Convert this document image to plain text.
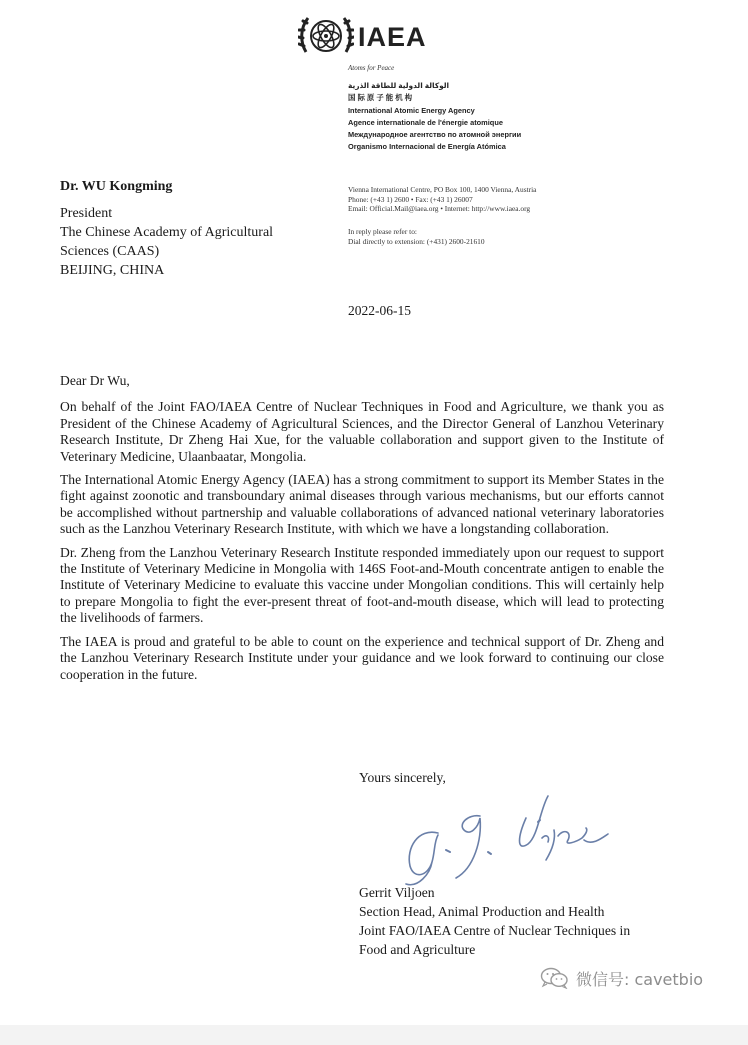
IAEA
Atoms for Peace
الوكالة الدولية للطاقة الذرية
国 际 原 子 能 机 构
International Atomic Energy Agency
Agence internationale de l'énergie atomique
Международное агентство по атомной энергии
Organismo Internacional de Energía Atómica
Vienna International Centre, PO Box 100, 1400 Vienna, Austria
Phone: (+43 1) 2600 • Fax: (+43 1) 26007
Email: Official.Mail@iaea.org • Internet: http://www.iaea.org
In reply please refer to:
Dial directly to extension: (+431) 2600-21610
Dr. WU Kongming
President
The Chinese Academy of Agricultural
Sciences (CAAS)
BEIJING, CHINA
2022-06-15

Dear Dr Wu,

On behalf of the Joint FAO/IAEA Centre of Nuclear Techniques in Food and Agriculture, we thank you as President of the Chinese Academy of Agricultural Sciences, and the Director General of Lanzhou Veterinary Research Institute, Dr Zheng Hai Xue, for the valuable collaboration and support given to the Institute of Veterinary Medicine, Ulaanbaatar, Mongolia.

The International Atomic Energy Agency (IAEA) has a strong commitment to support its Member States in the fight against zoonotic and transboundary animal diseases through various mechanisms, but our efforts cannot be accomplished without partnership and valuable collaborations of advanced national veterinary laboratories such as the Lanzhou Veterinary Research Institute, with which we have a longstanding collaboration.

Dr. Zheng from the Lanzhou Veterinary Research Institute responded immediately upon our request to support the Institute of Veterinary Medicine in Mongolia with 146S Foot-and-Mouth concentrate antigen to enable the Institute of Veterinary Medicine to evaluate this vaccine under Mongolian conditions. This will certainly help to prepare Mongolia to fight the ever-present threat of foot-and-mouth disease, which will lead to protecting the livelihoods of farmers.

The IAEA is proud and grateful to be able to count on the experience and technical support of Dr. Zheng and the Lanzhou Veterinary Research Institute under your guidance and we look forward to continuing our close cooperation in the future.

Yours sincerely,
Gerrit Viljoen
Section Head, Animal Production and Health
Joint FAO/IAEA Centre of Nuclear Techniques in
Food and Agriculture
微信号: cavetbio
